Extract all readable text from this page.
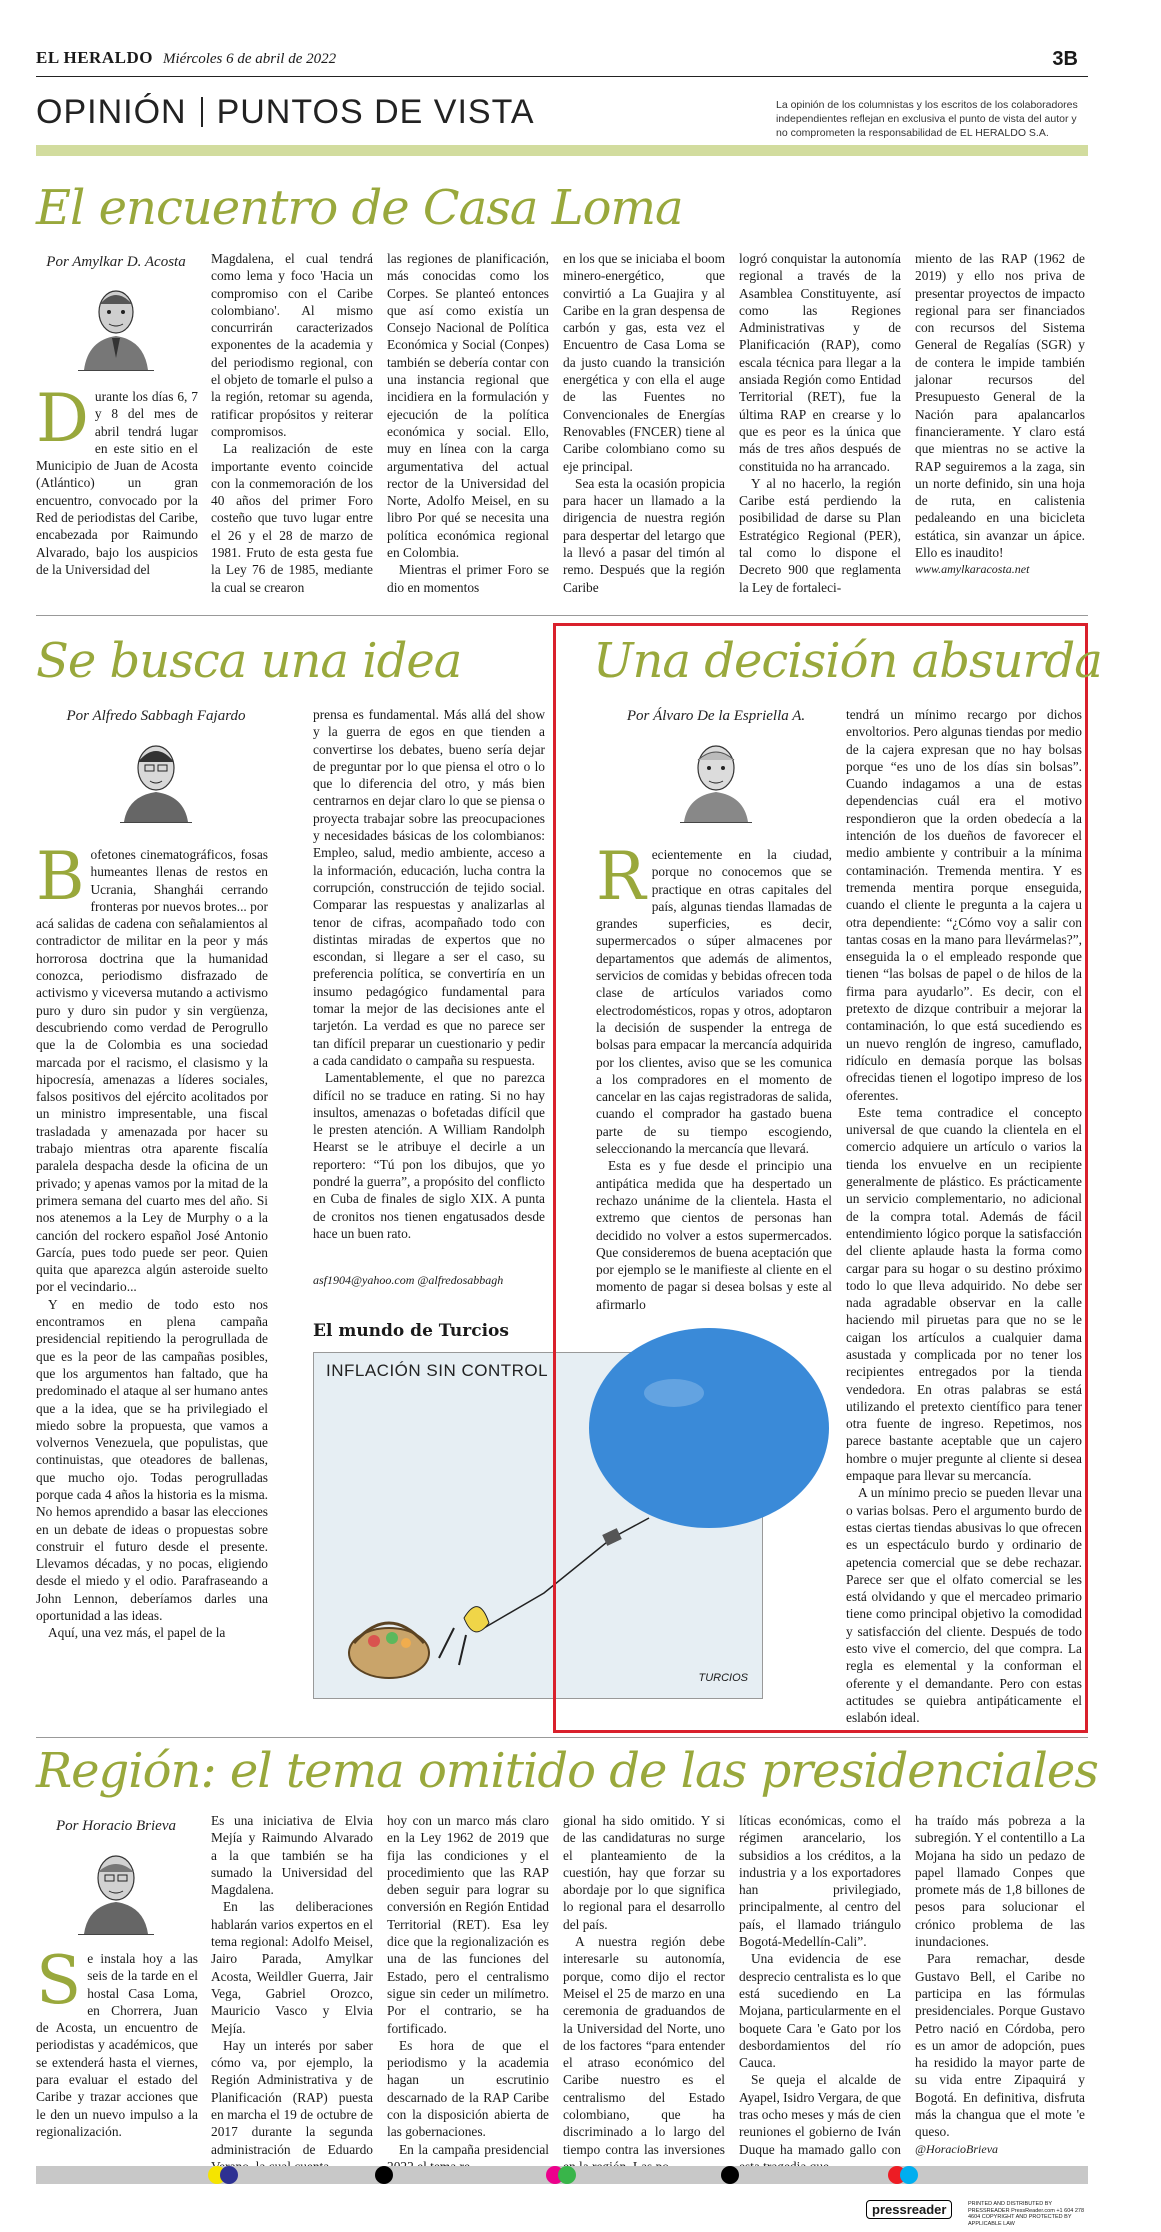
EL HERALDO Miércoles 6 de abril de 2022	3B
OPINIÓN PUNTOS DE VISTA	La opinión de los columnistas y los escritos de los colaboradores independientes reflejan en exclusiva el punto de vista del autor y no comprometen la responsabilidad de EL HERALDO S.A.
El encuentro de Casa Loma
Por Amylkar D. Acosta
Durante los días 6, 7 y 8 del mes de abril tendrá lugar en este sitio en el Municipio de Juan de Acosta (Atlántico) un gran encuentro, convocado por la Red de periodistas del Caribe, encabezada por Raimundo Alvarado, bajo los auspicios de la Universidad del

Magdalena, el cual tendrá como lema y foco 'Hacia un compromiso con el Caribe colombiano'. Al mismo concurrirán caracterizados exponentes de la academia y del periodismo regional, con el objeto de tomarle el pulso a la región, retomar su agenda, ratificar propósitos y reiterar compromisos.

La realización de este importante evento coincide con la conmemoración de los 40 años del primer Foro costeño que tuvo lugar entre el 26 y el 28 de marzo de 1981. Fruto de esta gesta fue la Ley 76 de 1985, mediante la cual se crearon

las regiones de planificación, más conocidas como los Corpes. Se planteó entonces que así como existía un Consejo Nacional de Política Económica y Social (Conpes) también se debería contar con una instancia regional que incidiera en la formulación y ejecución de la política económica y social. Ello, muy en línea con la carga argumentativa del actual rector de la Universidad del Norte, Adolfo Meisel, en su libro Por qué se necesita una política económica regional en Colombia.

Mientras el primer Foro se dio en momentos

en los que se iniciaba el boom minero-energético, que convirtió a La Guajira y al Caribe en la gran despensa de carbón y gas, esta vez el Encuentro de Casa Loma se da justo cuando la transición energética y con ella el auge de las Fuentes no Convencionales de Energías Renovables (FNCER) tiene al Caribe colombiano como su eje principal.

Sea esta la ocasión propicia para hacer un llamado a la dirigencia de nuestra región para despertar del letargo que la llevó a pasar del timón al remo. Después que la región Caribe

logró conquistar la autonomía regional a través de la Asamblea Constituyente, así como las Regiones Administrativas y de Planificación (RAP), como escala técnica para llegar a la ansiada Región como Entidad Territorial (RET), fue la última RAP en crearse y lo que es peor es la única que más de tres años después de constituida no ha arrancado.

Y al no hacerlo, la región Caribe está perdiendo la posibilidad de darse su Plan Estratégico Regional (PER), tal como lo dispone el Decreto 900 que reglamenta la Ley de fortaleci-

miento de las RAP (1962 de 2019) y ello nos priva de presentar proyectos de impacto regional para ser financiados con recursos del Sistema General de Regalías (SGR) y de contera le impide también jalonar recursos del Presupuesto General de la Nación para apalancarlos financieramente. Y claro está que mientras no se active la RAP seguiremos a la zaga, sin un norte definido, sin una hoja de ruta, en calistenia pedaleando en una bicicleta estática, sin avanzar un ápice. Ello es inaudito!

www.amylkaracosta.net

Se busca una idea
Por Alfredo Sabbagh Fajardo
Bofetones cinematográficos, fosas humeantes llenas de restos en Ucrania, Shanghái cerrando fronteras por nuevos brotes... por acá salidas de cadena con señalamientos al contradictor de militar en la peor y más horrorosa doctrina que la humanidad conozca, periodismo disfrazado de activismo y viceversa mutando a activismo puro y duro sin pudor y sin vergüenza, descubriendo como verdad de Perogrullo que la de Colombia es una sociedad marcada por el racismo, el clasismo y la hipocresía, amenazas a líderes sociales, falsos positivos del ejército acolitados por un ministro impresentable, una fiscal trasladada y amenazada por hacer su trabajo mientras otra aparente fiscalía paralela despacha desde la oficina de un privado; y apenas vamos por la mitad de la primera semana del cuarto mes del año. Si nos atenemos a la Ley de Murphy o a la canción del rockero español José Antonio García, pues todo puede ser peor. Quien quita que aparezca algún asteroide suelto por el vecindario...

Y en medio de todo esto nos encontramos en plena campaña presidencial repitiendo la perogrullada de que es la peor de las campañas posibles, que los argumentos han faltado, que ha predominado el ataque al ser humano antes que a la idea, que se ha privilegiado el miedo sobre la propuesta, que vamos a volvernos Venezuela, que populistas, que continuistas, que oteadores de ballenas, que mucho ojo. Todas perogrulladas porque cada 4 años la historia es la misma. No hemos aprendido a basar las elecciones en un debate de ideas o propuestas sobre construir el futuro desde el presente. Llevamos décadas, y no pocas, eligiendo desde el miedo y el odio. Parafraseando a John Lennon, deberíamos darles una oportunidad a las ideas.

Aquí, una vez más, el papel de la

prensa es fundamental. Más allá del show y la guerra de egos en que tienden a convertirse los debates, bueno sería dejar de preguntar por lo que piensa el otro o lo que lo diferencia del otro, y más bien centrarnos en dejar claro lo que se piensa o proyecta trabajar sobre las preocupaciones y necesidades básicas de los colombianos: Empleo, salud, medio ambiente, acceso a la información, educación, lucha contra la corrupción, construcción de tejido social. Comparar las respuestas y analizarlas al tenor de cifras, acompañado todo con distintas miradas de expertos que no escondan, si llegare a ser el caso, su preferencia política, se convertiría en un insumo pedagógico fundamental para tomar la mejor de las decisiones ante el tarjetón. La verdad es que no parece ser tan difícil preparar un cuestionario y pedir a cada candidato o campaña su respuesta.

Lamentablemente, el que no parezca difícil no se traduce en rating. Si no hay insultos, amenazas o bofetadas difícil que le presten atención. A William Randolph Hearst se le atribuye el decirle a un reportero: “Tú pon los dibujos, que yo pondré la guerra”, a propósito del conflicto en Cuba de finales de siglo XIX. A punta de cronitos nos tienen engatusados desde hace un buen rato.

asf1904@yahoo.com @alfredosabbagh
El mundo de Turcios
INFLACIÓN SIN CONTROL
TURCIOS
Una decisión absurda
Por Álvaro De la Espriella A.
Recientemente en la ciudad, porque no conocemos que se practique en otras capitales del país, algunas tiendas llamadas de grandes superficies, es decir, supermercados o súper almacenes por departamentos que además de alimentos, servicios de comidas y bebidas ofrecen toda clase de artículos variados como electrodomésticos, ropas y otros, adoptaron la decisión de suspender la entrega de bolsas para empacar la mercancía adquirida por los clientes, aviso que se les comunica a los compradores en el momento de cancelar en las cajas registradoras de salida, cuando el comprador ha gastado buena parte de su tiempo escogiendo, seleccionando la mercancía que llevará.

Esta es y fue desde el principio una antipática medida que ha despertado un rechazo unánime de la clientela. Hasta el extremo que cientos de personas han decidido no volver a estos supermercados. Que consideremos de buena aceptación que por ejemplo se le manifieste al cliente en el momento de pagar si desea bolsas y este al afirmarlo

tendrá un mínimo recargo por dichos envoltorios. Pero algunas tiendas por medio de la cajera expresan que no hay bolsas porque “es uno de los días sin bolsas”. Cuando indagamos a una de estas dependencias cuál era el motivo respondieron que la orden obedecía a la intención de los dueños de favorecer el medio ambiente y contribuir a la mínima contaminación. Tremenda mentira. Y es tremenda mentira porque enseguida, cuando el cliente le pregunta a la cajera u otra dependiente: “¿Cómo voy a salir con tantas cosas en la mano para llevármelas?”, enseguida la o el empleado responde que tienen “las bolsas de papel o de hilos de la firma para ayudarlo”. Es decir, con el pretexto de dizque contribuir a mejorar la contaminación, lo que está sucediendo es un nuevo renglón de ingreso, camuflado, ridículo en demasía porque las bolsas ofrecidas tienen el logotipo impreso de los oferentes.

Este tema contradice el concepto universal de que cuando la clientela en el comercio adquiere un artículo o varios la tienda los envuelve en un recipiente generalmente de plástico. Es prácticamente un servicio complementario, no adicional de la compra total. Además de fácil entendimiento lógico porque la satisfacción del cliente aplaude hasta la forma como cargar para su hogar o su destino próximo todo lo que lleva adquirido. No debe ser nada agradable observar en la calle haciendo mil piruetas para que no se le caigan los artículos a cualquier dama asustada y complicada por no tener los recipientes entregados por la tienda vendedora. En otras palabras se está utilizando el pretexto científico para tener otra fuente de ingreso. Repetimos, nos parece bastante aceptable que un cajero hombre o mujer pregunte al cliente si desea empaque para llevar su mercancía.

A un mínimo precio se pueden llevar una o varias bolsas. Pero el argumento burdo de estas ciertas tiendas abusivas lo que ofrecen es un espectáculo burdo y ordinario de apetencia comercial que se debe rechazar. Parece ser que el olfato comercial se les está olvidando y que el mercadeo primario tiene como principal objetivo la comodidad y satisfacción del cliente. Después de todo esto vive el comercio, del que compra. La regla es elemental y la conforman el oferente y el demandante. Pero con estas actitudes se quiebra antipáticamente el eslabón ideal.

Región: el tema omitido de las presidenciales
Por Horacio Brieva
Se instala hoy a las seis de la tarde en el hostal Casa Loma, en Chorrera, Juan de Acosta, un encuentro de periodistas y académicos, que se extenderá hasta el viernes, para evaluar el estado del Caribe y trazar acciones que le den un nuevo impulso a la regionalización.

Es una iniciativa de Elvia Mejía y Raimundo Alvarado a la que también se ha sumado la Universidad del Magdalena.

En las deliberaciones hablarán varios expertos en el tema regional: Adolfo Meisel, Jairo Parada, Amylkar Acosta, Weildler Guerra, Jair Vega, Gabriel Orozco, Mauricio Vasco y Elvia Mejía.

Hay un interés por saber cómo va, por ejemplo, la Región Administrativa y de Planificación (RAP) puesta en marcha el 19 de octubre de 2017 durante la segunda administración de Eduardo

hoy con un marco más claro en la Ley 1962 de 2019 que fija las condiciones y el procedimiento que las RAP deben seguir para lograr su conversión en Región Entidad Territorial (RET). Esa ley dice que la regionalización es una de las funciones del Estado, pero el centralismo sigue sin ceder un milímetro. Por el contrario, se ha fortificado.

Es hora de que el periodismo y la academia hagan un escrutinio descarnado de la RAP Caribe con la disposición abierta de las gobernaciones.

En la campaña presidencial

gional ha sido omitido. Y si de las candidaturas no surge el planteamiento de la cuestión, hay que forzar su abordaje por lo que significa lo regional para el desarrollo del país.

A nuestra región debe interesarle su autonomía, porque, como dijo el rector Meisel el 25 de marzo en una ceremonia de graduandos de la Universidad del Norte, uno de los factores “para entender el atraso económico del Caribe nuestro es el centralismo del Estado colombiano, que ha discriminado a lo largo del tiempo contra las inversiones

líticas económicas, como el régimen arancelario, los subsidios a los créditos, a la industria y a los exportadores han privilegiado, principalmente, al centro del país, el llamado triángulo Bogotá-Medellín-Cali”.

Una evidencia de ese desprecio centralista es lo que está sucediendo en La Mojana, particularmente en el boquete Cara 'e Gato por los desbordamientos del río Cauca.

Se queja el alcalde de Ayapel, Isidro Vergara, de que tras ocho meses y más de cien reuniones el gobierno de Iván Duque ha mamado gallo con

ha traído más pobreza a la subregión. Y el contentillo a La Mojana ha sido un pedazo de papel llamado Conpes que promete más de 1,8 billones de pesos para solucionar el crónico problema de las inundaciones.

Para remachar, desde Gustavo Bell, el Caribe no participa en las fórmulas presidenciales. Porque Gustavo Petro nació en Córdoba, pero es un amor de adopción, pues ha residido la mayor parte de su vida entre Zipaquirá y Bogotá. En definitiva, disfruta más la changua que el mote 'e queso.

@HoracioBrieva

pressreader	PRINTED AND DISTRIBUTED BY PRESSREADER PressReader.com +1 604 278 4604 COPYRIGHT AND PROTECTED BY APPLICABLE LAW
